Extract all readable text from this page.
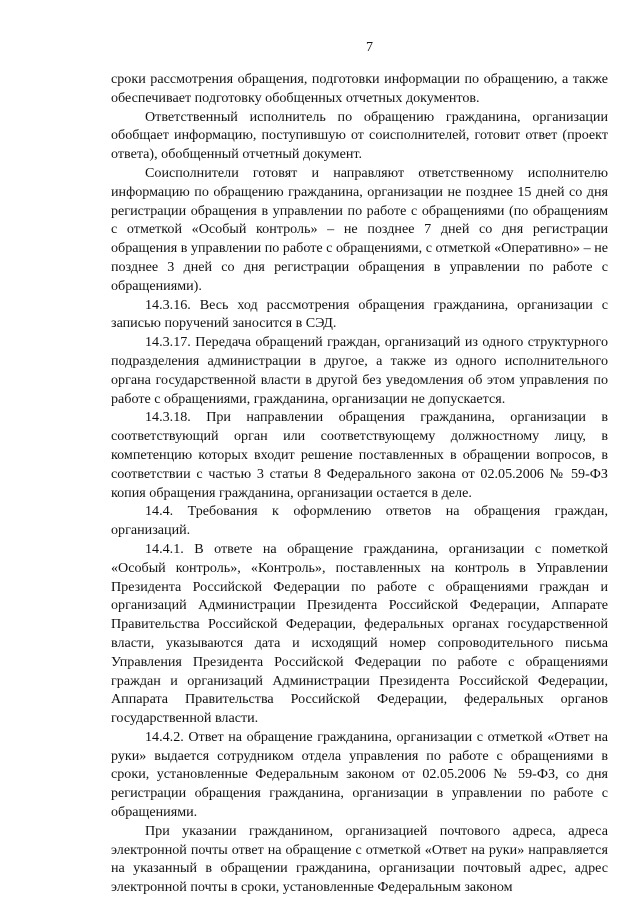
7

сроки рассмотрения обращения, подготовки информации по обращению, а также обеспечивает подготовку обобщенных отчетных документов.

Ответственный исполнитель по обращению гражданина, организации обобщает информацию, поступившую от соисполнителей, готовит ответ (проект ответа), обобщенный отчетный документ.

Соисполнители готовят и направляют ответственному исполнителю информацию по обращению гражданина, организации не позднее 15 дней со дня регистрации обращения в управлении по работе с обращениями (по обращениям с отметкой «Особый контроль» – не позднее 7 дней со дня регистрации обращения в управлении по работе с обращениями, с отметкой «Оперативно» – не позднее 3 дней со дня регистрации обращения в управлении по работе с обращениями).

14.3.16. Весь ход рассмотрения обращения гражданина, организации с записью поручений заносится в СЭД.

14.3.17. Передача обращений граждан, организаций из одного структурного подразделения администрации в другое, а также из одного исполнительного органа государственной власти в другой без уведомления об этом управления по работе с обращениями, гражданина, организации не допускается.

14.3.18. При направлении обращения гражданина, организации в соответствующий орган или соответствующему должностному лицу, в компетенцию которых входит решение поставленных в обращении вопросов, в соответствии с частью 3 статьи 8 Федерального закона от 02.05.2006 № 59-ФЗ копия обращения гражданина, организации остается в деле.

14.4. Требования к оформлению ответов на обращения граждан, организаций.

14.4.1. В ответе на обращение гражданина, организации с пометкой «Особый контроль», «Контроль», поставленных на контроль в Управлении Президента Российской Федерации по работе с обращениями граждан и организаций Администрации Президента Российской Федерации, Аппарате Правительства Российской Федерации, федеральных органах государственной власти, указываются дата и исходящий номер сопроводительного письма Управления Президента Российской Федерации по работе с обращениями граждан и организаций Администрации Президента Российской Федерации, Аппарата Правительства Российской Федерации, федеральных органов государственной власти.

14.4.2. Ответ на обращение гражданина, организации с отметкой «Ответ на руки» выдается сотрудником отдела управления по работе с обращениями в сроки, установленные Федеральным законом от 02.05.2006 № 59-ФЗ, со дня регистрации обращения гражданина, организации в управлении по работе с обращениями.

При указании гражданином, организацией почтового адреса, адреса электронной почты ответ на обращение с отметкой «Ответ на руки» направляется на указанный в обращении гражданина, организации почтовый адрес, адрес электронной почты в сроки, установленные Федеральным законом
